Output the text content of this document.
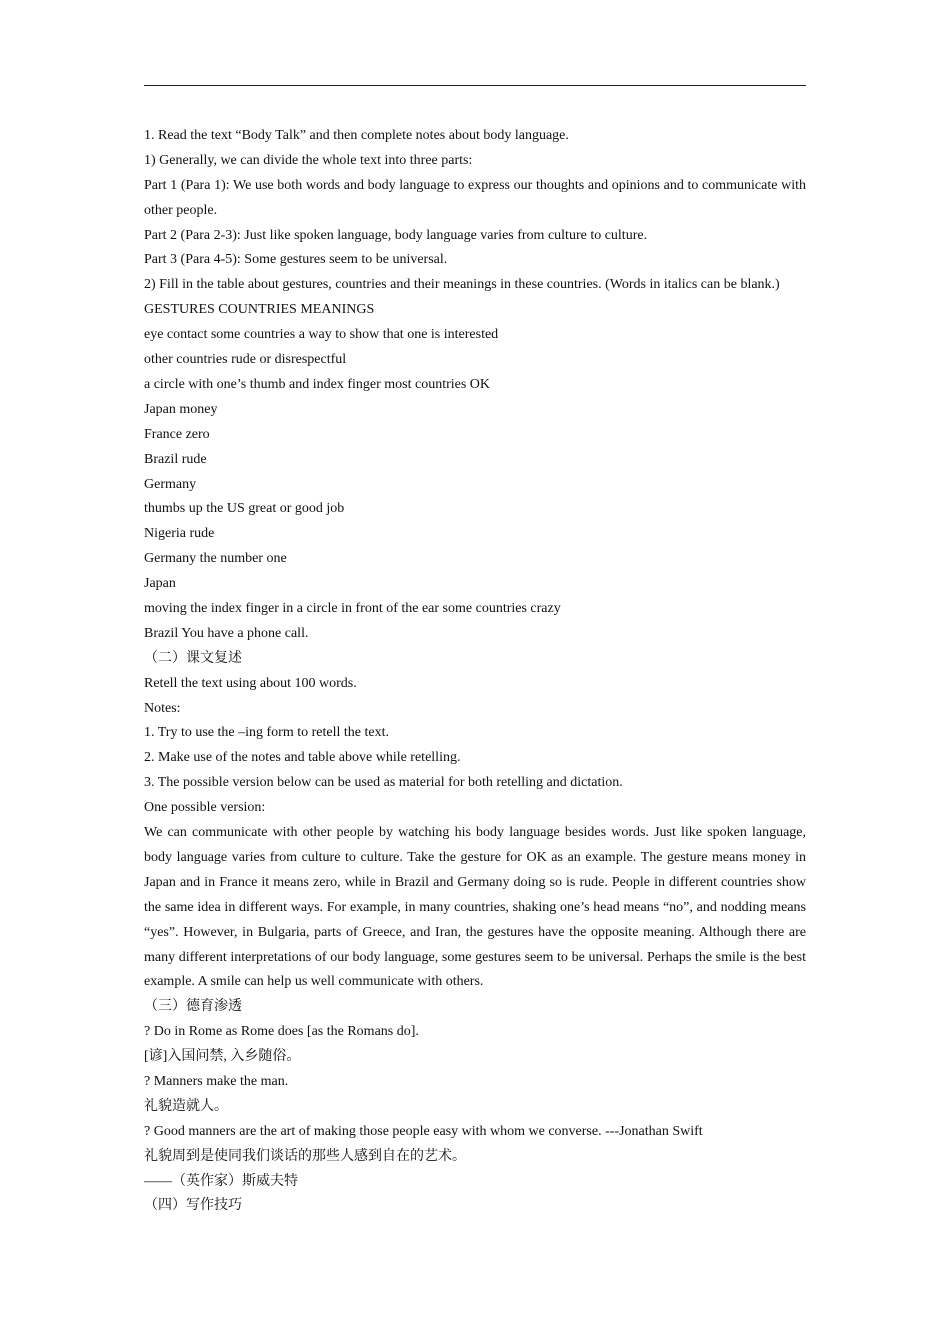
1. Read the text “Body Talk” and then complete notes about body language.
1) Generally, we can divide the whole text into three parts:
Part 1 (Para 1): We use both words and body language to express our thoughts and opinions and to communicate with other people.
Part 2 (Para 2-3): Just like spoken language, body language varies from culture to culture.
Part 3 (Para 4-5): Some gestures seem to be universal.
2) Fill in the table about gestures, countries and their meanings in these countries. (Words in italics can be blank.)
GESTURES COUNTRIES MEANINGS
eye contact some countries a way to show that one is interested
other countries rude or disrespectful
a circle with one’s thumb and index finger most countries OK
Japan money
France zero
Brazil rude
Germany
thumbs up the US great or good job
Nigeria rude
Germany the number one
Japan
moving the index finger in a circle in front of the ear some countries crazy
Brazil You have a phone call.
（二）课文复述
Retell the text using about 100 words.
Notes:
1. Try to use the –ing form to retell the text.
2. Make use of the notes and table above while retelling.
3. The possible version below can be used as material for both retelling and dictation.
One possible version:
We can communicate with other people by watching his body language besides words. Just like spoken language, body language varies from culture to culture. Take the gesture for OK as an example. The gesture means money in Japan and in France it means zero, while in Brazil and Germany doing so is rude. People in different countries show the same idea in different ways. For example, in many countries, shaking one’s head means “no”, and nodding means “yes”. However, in Bulgaria, parts of Greece, and Iran, the gestures have the opposite meaning. Although there are many different interpretations of our body language, some gestures seem to be universal. Perhaps the smile is the best example. A smile can help us well communicate with others.
（三）德育渗透
? Do in Rome as Rome does [as the Romans do].
[谚]入国问禁, 入乡随俗。
? Manners make the man.
礼貌造就人。
? Good manners are the art of making those people easy with whom we converse. ---Jonathan Swift
礼貌周到是使同我们谈话的那些人感到自在的艺术。
——（英作家）斯威夫特
（四）写作技巧
